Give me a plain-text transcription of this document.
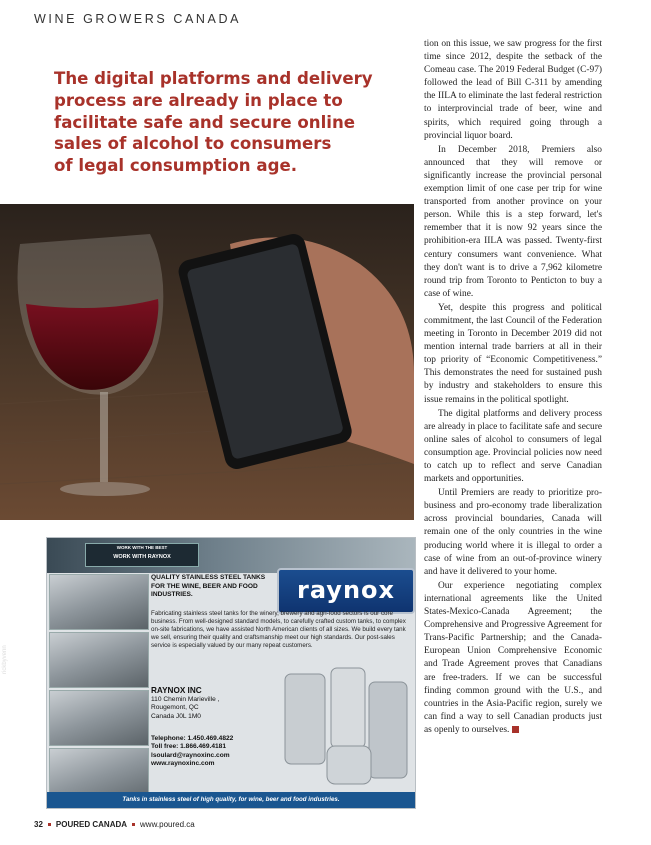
WINE GROWERS CANADA
The digital platforms and delivery
process are already in place to
facilitate safe and secure online
sales of alcohol to consumers
of legal consumption age.
rickbyvenn

tion on this issue, we saw progress for the first time since 2012, despite the setback of the Comeau case. The 2019 Federal Budget (C-97) followed the lead of Bill C-311 by amending the IILA to eliminate the last federal restriction to interprovincial trade of beer, wine and spirits, which required going through a provincial liquor board.

In December 2018, Premiers also announced that they will remove or significantly increase the provincial personal exemption limit of one case per trip for wine transported from another province on your person. While this is a step forward, let's remember that it is now 92 years since the prohibition-era IILA was passed. Twenty-first century consumers want convenience. What they don't want is to drive a 7,962 kilometre round trip from Toronto to Penticton to buy a case of wine.

Yet, despite this progress and political commitment, the last Council of the Federation meeting in Toronto in December 2019 did not mention internal trade barriers at all in their top priority of “Economic Competitiveness.” This demonstrates the need for sustained push by industry and stakeholders to ensure this issue remains in the political spotlight.

The digital platforms and delivery process are already in place to facilitate safe and secure online sales of alcohol to consumers of legal consumption age. Provincial policies now need to catch up to reflect and serve Canadian markets and opportunities.

Until Premiers are ready to prioritize pro-business and pro-economy trade liberalization across provincial boundaries, Canada will remain one of the only countries in the wine producing world where it is illegal to order a case of wine from an out-of-province winery and have it delivered to your home.

Our experience negotiating complex international agreements like the United States-Mexico-Canada Agreement; the Comprehensive and Progressive Agreement for Trans-Pacific Partnership; and the Canada-European Union Comprehensive Economic and Trade Agreement proves that Canadians are free-traders. If we can be successful finding common ground with the U.S., and countries in the Asia-Pacific region, surely we can find a way to sell Canadian products just as openly to ourselves.

WORK WITH THE BEST
WORK WITH RAYNOX
raynox
QUALITY STAINLESS STEEL TANKS FOR THE WINE, BEER AND FOOD INDUSTRIES.
Fabricating stainless steel tanks for the winery, brewery and agri-food sectors is our core business. From well-designed standard models, to carefully crafted custom tanks, to complex on-site fabrications, we have assisted North American clients of all sizes. We build every tank we sell, ensuring their quality and craftsmanship meet our high standards. Our post-sales service is especially valued by our many repeat customers.
RAYNOX INC
110 Chemin Marieville ,
Rougemont, QC
Canada J0L 1M0
Telephone: 1.450.469.4822
Toll free: 1.866.469.4181
lsoulard@raynoxinc.com
www.raynoxinc.com
Tanks in stainless steel of high quality, for wine, beer and food industries.
32 POURED CANADA www.poured.ca
